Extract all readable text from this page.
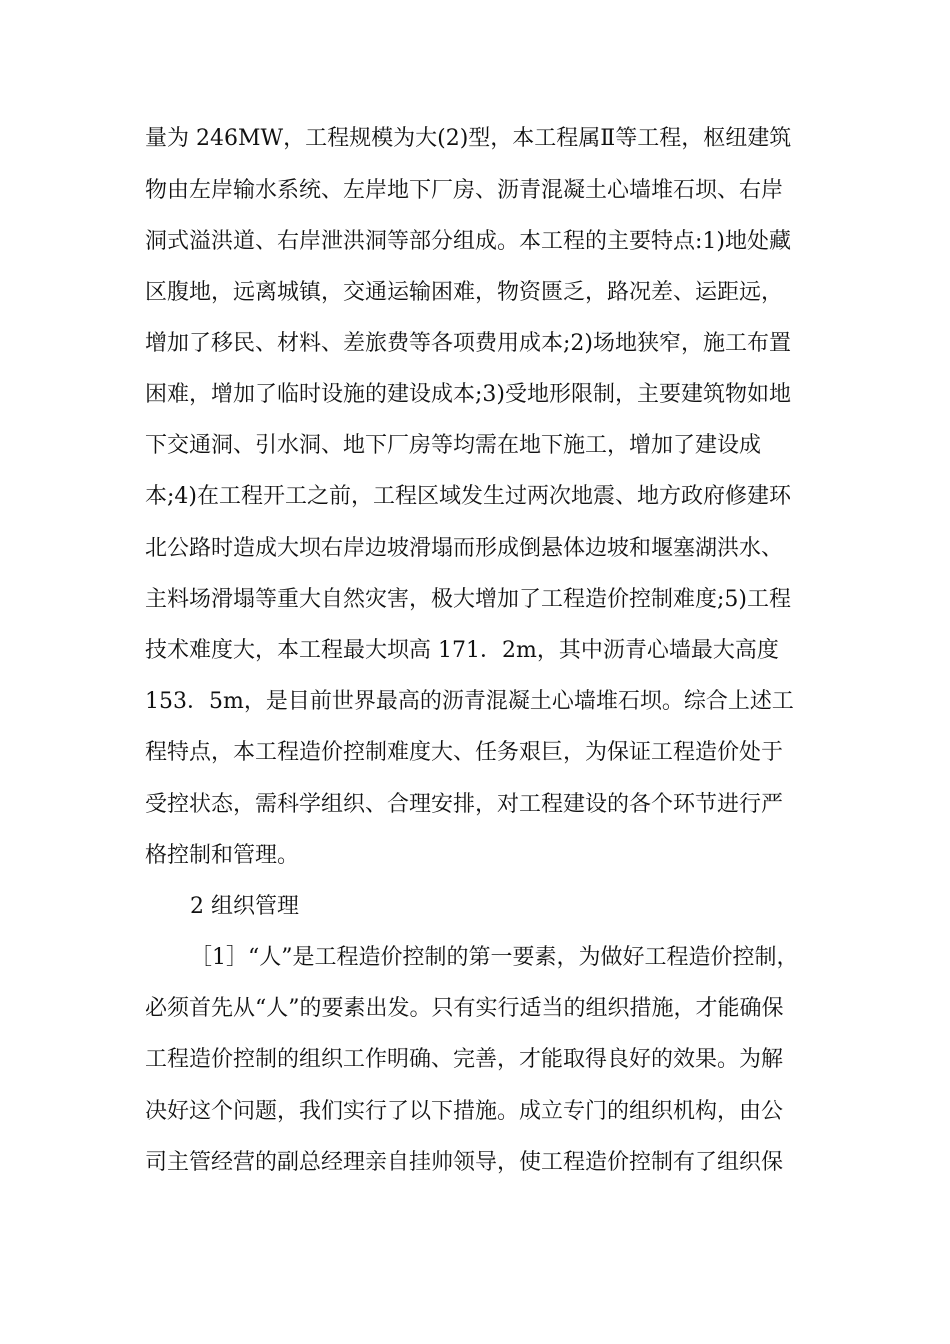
量为 246MW，工程规模为大(2)型，本工程属Ⅱ等工程，枢纽建筑
物由左岸输水系统、左岸地下厂房、沥青混凝土心墙堆石坝、右岸
洞式溢洪道、右岸泄洪洞等部分组成。本工程的主要特点:1)地处藏
区腹地，远离城镇，交通运输困难，物资匮乏，路况差、运距远，
增加了移民、材料、差旅费等各项费用成本;2)场地狭窄，施工布置
困难，增加了临时设施的建设成本;3)受地形限制，主要建筑物如地
下交通洞、引水洞、地下厂房等均需在地下施工，增加了建设成
本;4)在工程开工之前，工程区域发生过两次地震、地方政府修建环
北公路时造成大坝右岸边坡滑塌而形成倒悬体边坡和堰塞湖洪水、
主料场滑塌等重大自然灾害，极大增加了工程造价控制难度;5)工程
技术难度大，本工程最大坝高 171．2m，其中沥青心墙最大高度
153．5m，是目前世界最高的沥青混凝土心墙堆石坝。综合上述工
程特点，本工程造价控制难度大、任务艰巨，为保证工程造价处于
受控状态，需科学组织、合理安排，对工程建设的各个环节进行严
格控制和管理。
2 组织管理
［1］“人”是工程造价控制的第一要素，为做好工程造价控制，
必须首先从“人”的要素出发。只有实行适当的组织措施，才能确保
工程造价控制的组织工作明确、完善，才能取得良好的效果。为解
决好这个问题，我们实行了以下措施。成立专门的组织机构，由公
司主管经营的副总经理亲自挂帅领导，使工程造价控制有了组织保
